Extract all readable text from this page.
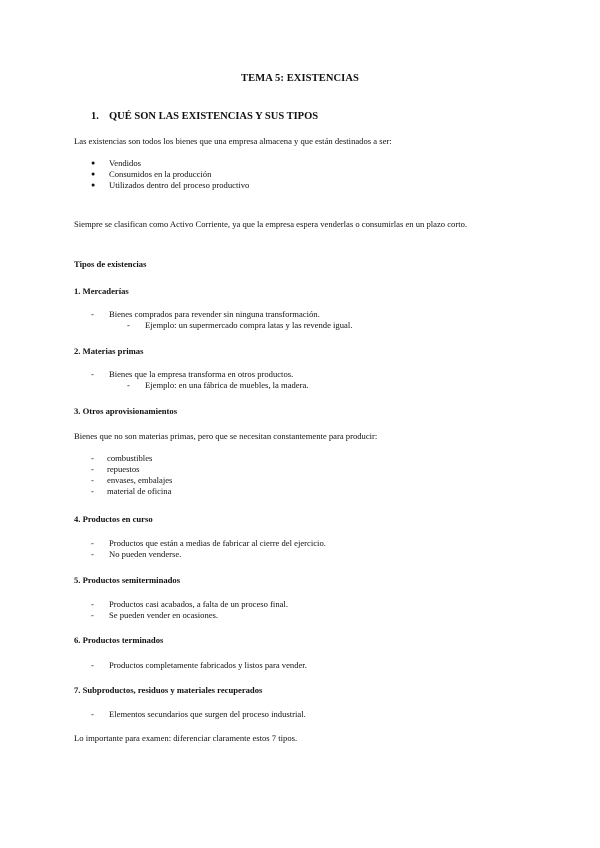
TEMA 5: EXISTENCIAS
1. QUÉ SON LAS EXISTENCIAS Y SUS TIPOS
Las existencias son todos los bienes que una empresa almacena y que están destinados a ser:
● Vendidos
● Consumidos en la producción
● Utilizados dentro del proceso productivo
Siempre se clasifican como Activo Corriente, ya que la empresa espera venderlas o consumirlas en un plazo corto.
Tipos de existencias
1. Mercaderías
- Bienes comprados para revender sin ninguna transformación.
- Ejemplo: un supermercado compra latas y las revende igual.
2. Materias primas
- Bienes que la empresa transforma en otros productos.
- Ejemplo: en una fábrica de muebles, la madera.
3. Otros aprovisionamientos
Bienes que no son materias primas, pero que se necesitan constantemente para producir:
- combustibles
- repuestos
- envases, embalajes
- material de oficina
4. Productos en curso
- Productos que están a medias de fabricar al cierre del ejercicio.
- No pueden venderse.
5. Productos semiterminados
- Productos casi acabados, a falta de un proceso final.
- Se pueden vender en ocasiones.
6. Productos terminados
- Productos completamente fabricados y listos para vender.
7. Subproductos, residuos y materiales recuperados
- Elementos secundarios que surgen del proceso industrial.
Lo importante para examen: diferenciar claramente estos 7 tipos.
